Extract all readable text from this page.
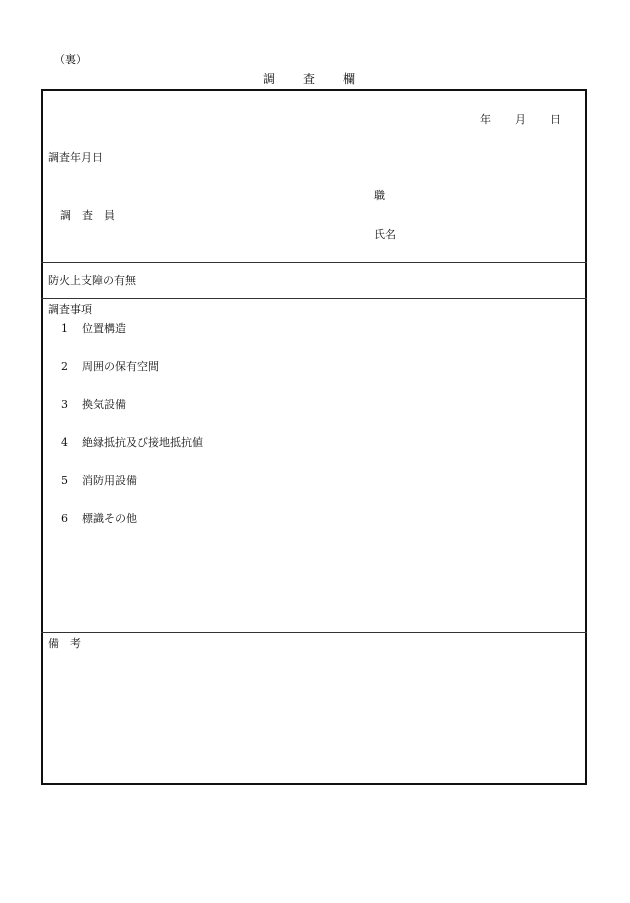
（裏）
調査欄
年 月 日
調査年月日
職
調　査　員
氏名
防火上支障の有無
調査事項
1 位置構造
2 周囲の保有空間
3 換気設備
4 絶縁抵抗及び接地抵抗値
5 消防用設備
6 標識その他
備　考
